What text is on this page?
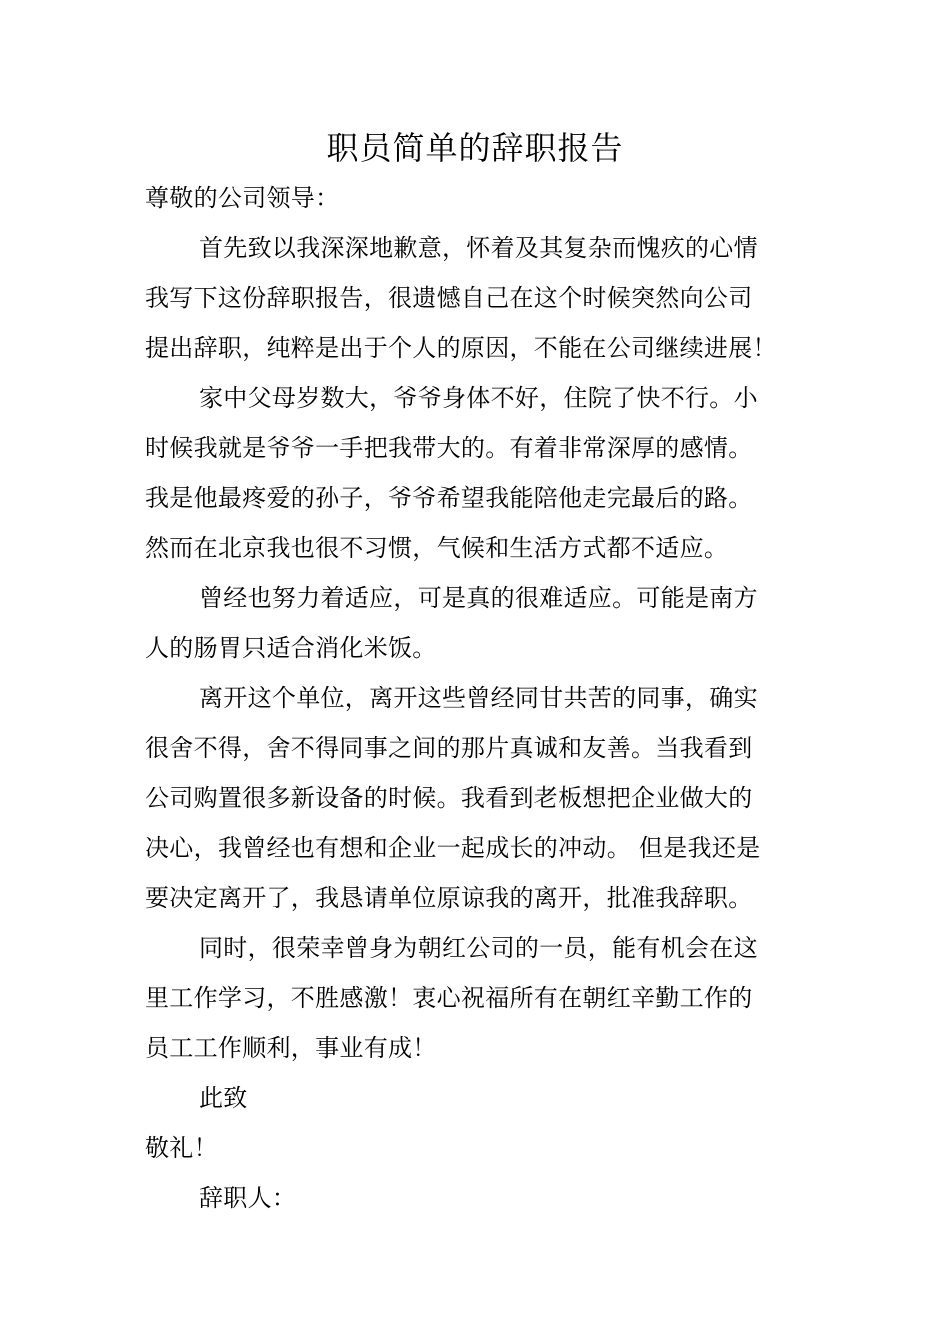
职员简单的辞职报告
尊敬的公司领导：
首先致以我深深地歉意，怀着及其复杂而愧疚的心情
我写下这份辞职报告，很遗憾自己在这个时候突然向公司
提出辞职，纯粹是出于个人的原因，不能在公司继续进展！
家中父母岁数大，爷爷身体不好，住院了快不行。小
时候我就是爷爷一手把我带大的。有着非常深厚的感情。
我是他最疼爱的孙子，爷爷希望我能陪他走完最后的路。
然而在北京我也很不习惯，气候和生活方式都不适应。
曾经也努力着适应，可是真的很难适应。可能是南方
人的肠胃只适合消化米饭。
离开这个单位，离开这些曾经同甘共苦的同事，确实
很舍不得，舍不得同事之间的那片真诚和友善。当我看到
公司购置很多新设备的时候。我看到老板想把企业做大的
决心，我曾经也有想和企业一起成长的冲动。 但是我还是
要决定离开了，我恳请单位原谅我的离开，批准我辞职。
同时，很荣幸曾身为朝红公司的一员，能有机会在这
里工作学习，不胜感激！衷心祝福所有在朝红辛勤工作的
员工工作顺利，事业有成！
此致
敬礼！
辞职人：
